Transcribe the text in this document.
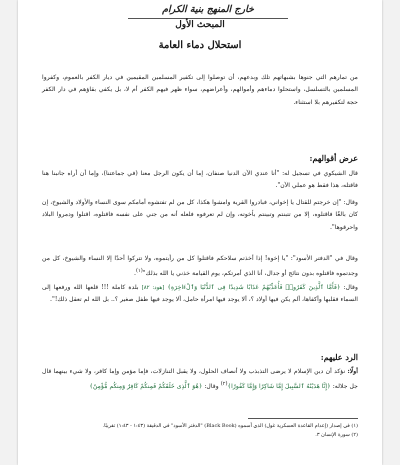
خارج المنهج بنية الكرام
المبحث الأول
استحلال دماء العامة
من تمارهم التي جنوها بشبهاتهم تلك وبدعهم، أن توصلوا إلى تكفير المسلمين المقيمين في ديار الكفر بالعموم، وكفروا المسلمين بالتسلسل، واستحلوا دماءهم وأموالهم، وأعراضهم، سواء ظهر فيهم الكفر أم لا، بل يكفي بقاؤهم في دار الكفر حجة لتكفيرهم بلا استثناء.
عرض أقوالهم:
قال الشيكوي في تسجيل له: "أنا عندي الآن الدنيا صنفان، إما أن يكون الرجل معنا (في جماعتنا)، وإما أن أراه جانبنا هنا فاقتله، هذا فقط هو عملي الآن".
وقال: "إن خرجتم للقتال يا إخواني، فبادروا القرية وامشوا هكذا، كل من لم تفتشوه أمامكم سوى النساء والأولاد والشيوخ، إن كان بالغًا فاقتلوه، إلا من تتبنتم وتبينتم بأخوته، وإن لم تعرفوه فلعله أنه من جني على نفسه فاقتلوه، اقتلوا ودمروا البلاد واحرقوها".
وقال في "الدفتر الأسود": "يا إخوة! إذا أخذتم سلاحكم فاقتلوا كل من رأيتموه، ولا تتركوا أحدًا إلا النساء والشيوخ، كل من وجدتموه فاقتلوه بدون نتائج أو جدال، أنا الذي أمرتكم، يوم القيامة خذني يا الله بذلك"$^{(١)}$.
وقال: ﴿فَأَمَّا ٱلَّذِينَ كَفَرُوا۟ فَأُعَذِّبُهُمْ عَذَابًا شَدِيدًا فِى ٱلدُّنْيَا وَٱلْءَاخِرَةِ﴾ [هود: ٨٢] بلدة كاملة !!! قلعها الله ورفعها إلى السماء فقلبها وأكفاها، ألم يكن فيها أولاد ؟، ألا يوجد فيها امرأة حامل، ألا يوجد فيها طفل صغير ؟.. بل الله لم تعقل ذلك!".
الرد عليهم:
أولًا: نؤكد أن دين الإسلام لا يرضى التذبذب ولا أنصاف الحلول، ولا يقبل التنازلات، فإما مؤمن وإما كافر، ولا شيء بينهما قال جل جلاله: ﴿إِنَّا هَدَيْنَٰهُ ٱلسَّبِيلَ إِمَّا شَاكِرًا وَإِمَّا كَفُورًا﴾$^{(٢)}$ وقال: ﴿هُوَ ٱلَّذِى خَلَقَكُمْ فَمِنكُمْ كَافِرٌ وَمِنكُم مُّؤْمِنٌ﴾
(١) في إصدار (إعدام القاعدة العسكرية غول) الذي أسموه (Black Book) "الدفتر الأسود" في الدقيقة (١:٤٣ - ١:٤٣) تقريبًا.
(٢) سورة الإنسان ٣.
